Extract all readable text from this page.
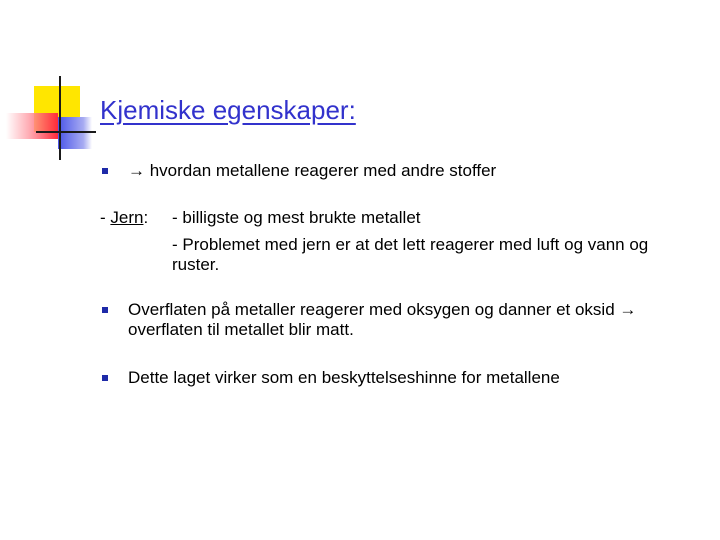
Kjemiske egenskaper:
→ hvordan metallene reagerer med andre stoffer
- Jern: - billigste og mest brukte metallet
- Problemet med jern er at det lett reagerer med luft og vann og ruster.
Overflaten på metaller reagerer med oksygen og danner et oksid → overflaten til metallet blir matt.
Dette laget virker som en beskyttelseshinne for metallene
